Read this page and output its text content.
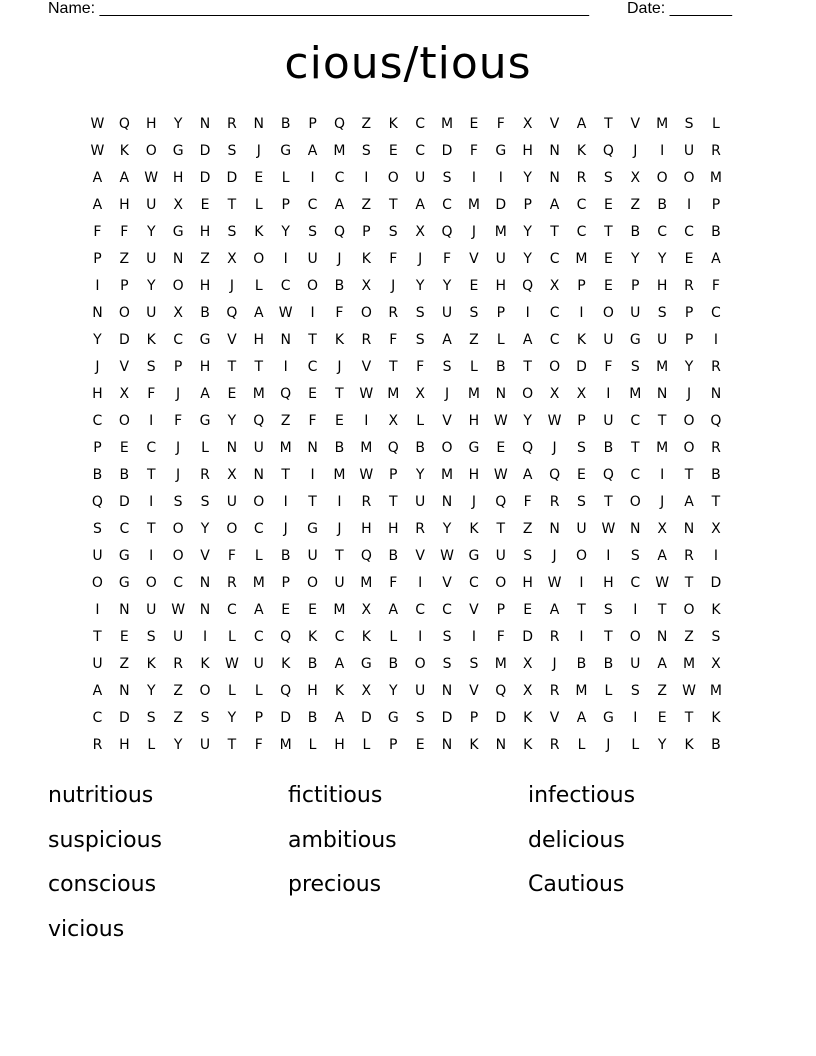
Name: _______________________________________________________

Date: _______

cious/tious
W	Q	H	Y	N	R	N	B	P	Q	Z	K	C	M	E	F	X	V	A	T	V	M	S	L
W	K	O	G	D	S	J	G	A	M	S	E	C	D	F	G	H	N	K	Q	J	I	U	R
A	A	W	H	D	D	E	L	I	C	I	O	U	S	I	I	Y	N	R	S	X	O	O	M
A	H	U	X	E	T	L	P	C	A	Z	T	A	C	M	D	P	A	C	E	Z	B	I	P
F	F	Y	G	H	S	K	Y	S	Q	P	S	X	Q	J	M	Y	T	C	T	B	C	C	B
P	Z	U	N	Z	X	O	I	U	J	K	F	J	F	V	U	Y	C	M	E	Y	Y	E	A
I	P	Y	O	H	J	L	C	O	B	X	J	Y	Y	E	H	Q	X	P	E	P	H	R	F
N	O	U	X	B	Q	A	W	I	F	O	R	S	U	S	P	I	C	I	O	U	S	P	C
Y	D	K	C	G	V	H	N	T	K	R	F	S	A	Z	L	A	C	K	U	G	U	P	I
J	V	S	P	H	T	T	I	C	J	V	T	F	S	L	B	T	O	D	F	S	M	Y	R
H	X	F	J	A	E	M	Q	E	T	W M	X	J	M	N	O	X	X	I	M	N	J	N
C	O	I	F	G	Y	Q	Z	F	E	I	X	L	V	H	W	Y	W	P	U	C	T	O	Q
P	E	C	J	L	N	U	M	N	B	M	Q	B	O	G	E	Q	J	S	B	T	M	O	R
B	B	T	J	R	X	N	T	I	M W	P	Y	M	H	W	A	Q	E	Q	C	I	T	B
Q	D	I	S	S	U	O	I	T	I	R	T	U	N	J	Q	F	R	S	T	O	J	A	T
S	C	T	O	Y	O	C	J	G	J	H	H	R	Y	K	T	Z	N	U	W	N	X	N	X
U	G	I	O	V	F	L	B	U	T	Q	B	V	W	G	U	S	J	O	I	S	A	R	I
O	G	O	C	N	R	M	P	O	U	M	F	I	V	C	O	H	W	I	H	C	W	T	D
I	N	U	W	N	C	A	E	E	M	X	A	C	C	V	P	E	A	T	S	I	T	O	K
T	E	S	U	I	L	C	Q	K	C	K	L	I	S	I	F	D	R	I	T	O	N	Z	S
U	Z	K	R	K	W	U	K	B	A	G	B	O	S	S	M	X	J	B	B	U	A	M	X
A	N	Y	Z	O	L	L	Q	H	K	X	Y	U	N	V	Q	X	R	M	L	S	Z	W M
C	D	S	Z	S	Y	P	D	B	A	D	G	S	D	P	D	K	V	A	G	I	E	T	K
R	H	L	Y	U	T	F	M	L	H	L	P	E	N	K	N	K	R	L	J	L	Y	K	B
nutritious	fictitious	infectious
suspicious	ambitious	delicious
conscious	precious	Cautious
vicious
